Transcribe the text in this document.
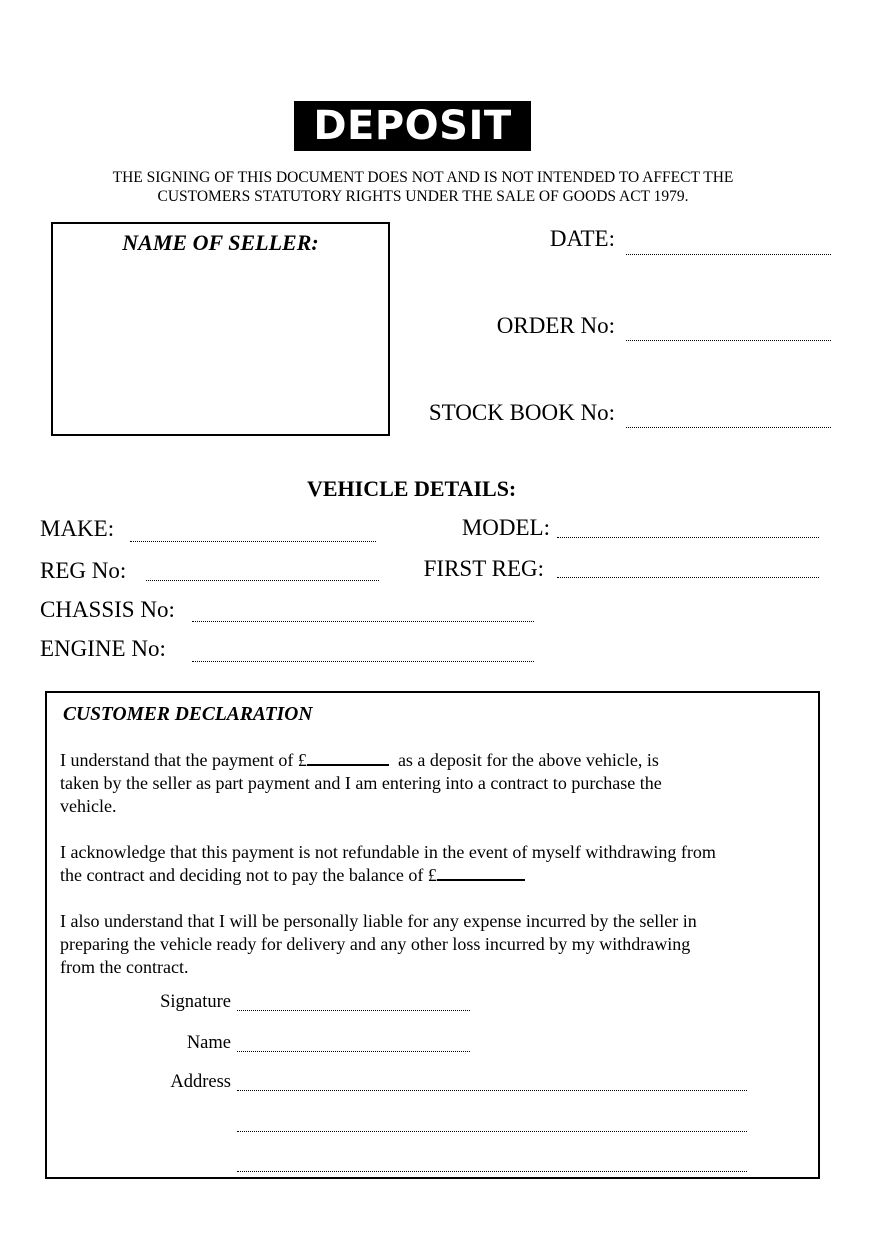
DEPOSIT
THE SIGNING OF THIS DOCUMENT DOES NOT AND IS NOT INTENDED TO AFFECT THE
CUSTOMERS STATUTORY RIGHTS UNDER THE SALE OF GOODS ACT 1979.
NAME OF SELLER:	DATE:
ORDER No:
STOCK BOOK No:
VEHICLE DETAILS:
MAKE:	MODEL:
REG No:	FIRST REG:
CHASSIS No:
ENGINE No:
CUSTOMER DECLARATION
I understand that the payment of £	as a deposit for the above vehicle, is
taken by the seller as part payment and I am entering into a contract to purchase the
vehicle.
I acknowledge that this payment is not refundable in the event of myself withdrawing from
the contract and deciding not to pay the balance of £
I also understand that I will be personally liable for any expense incurred by the seller in
preparing the vehicle ready for delivery and any other loss incurred by my withdrawing
from the contract.
Signature
Name
Address
